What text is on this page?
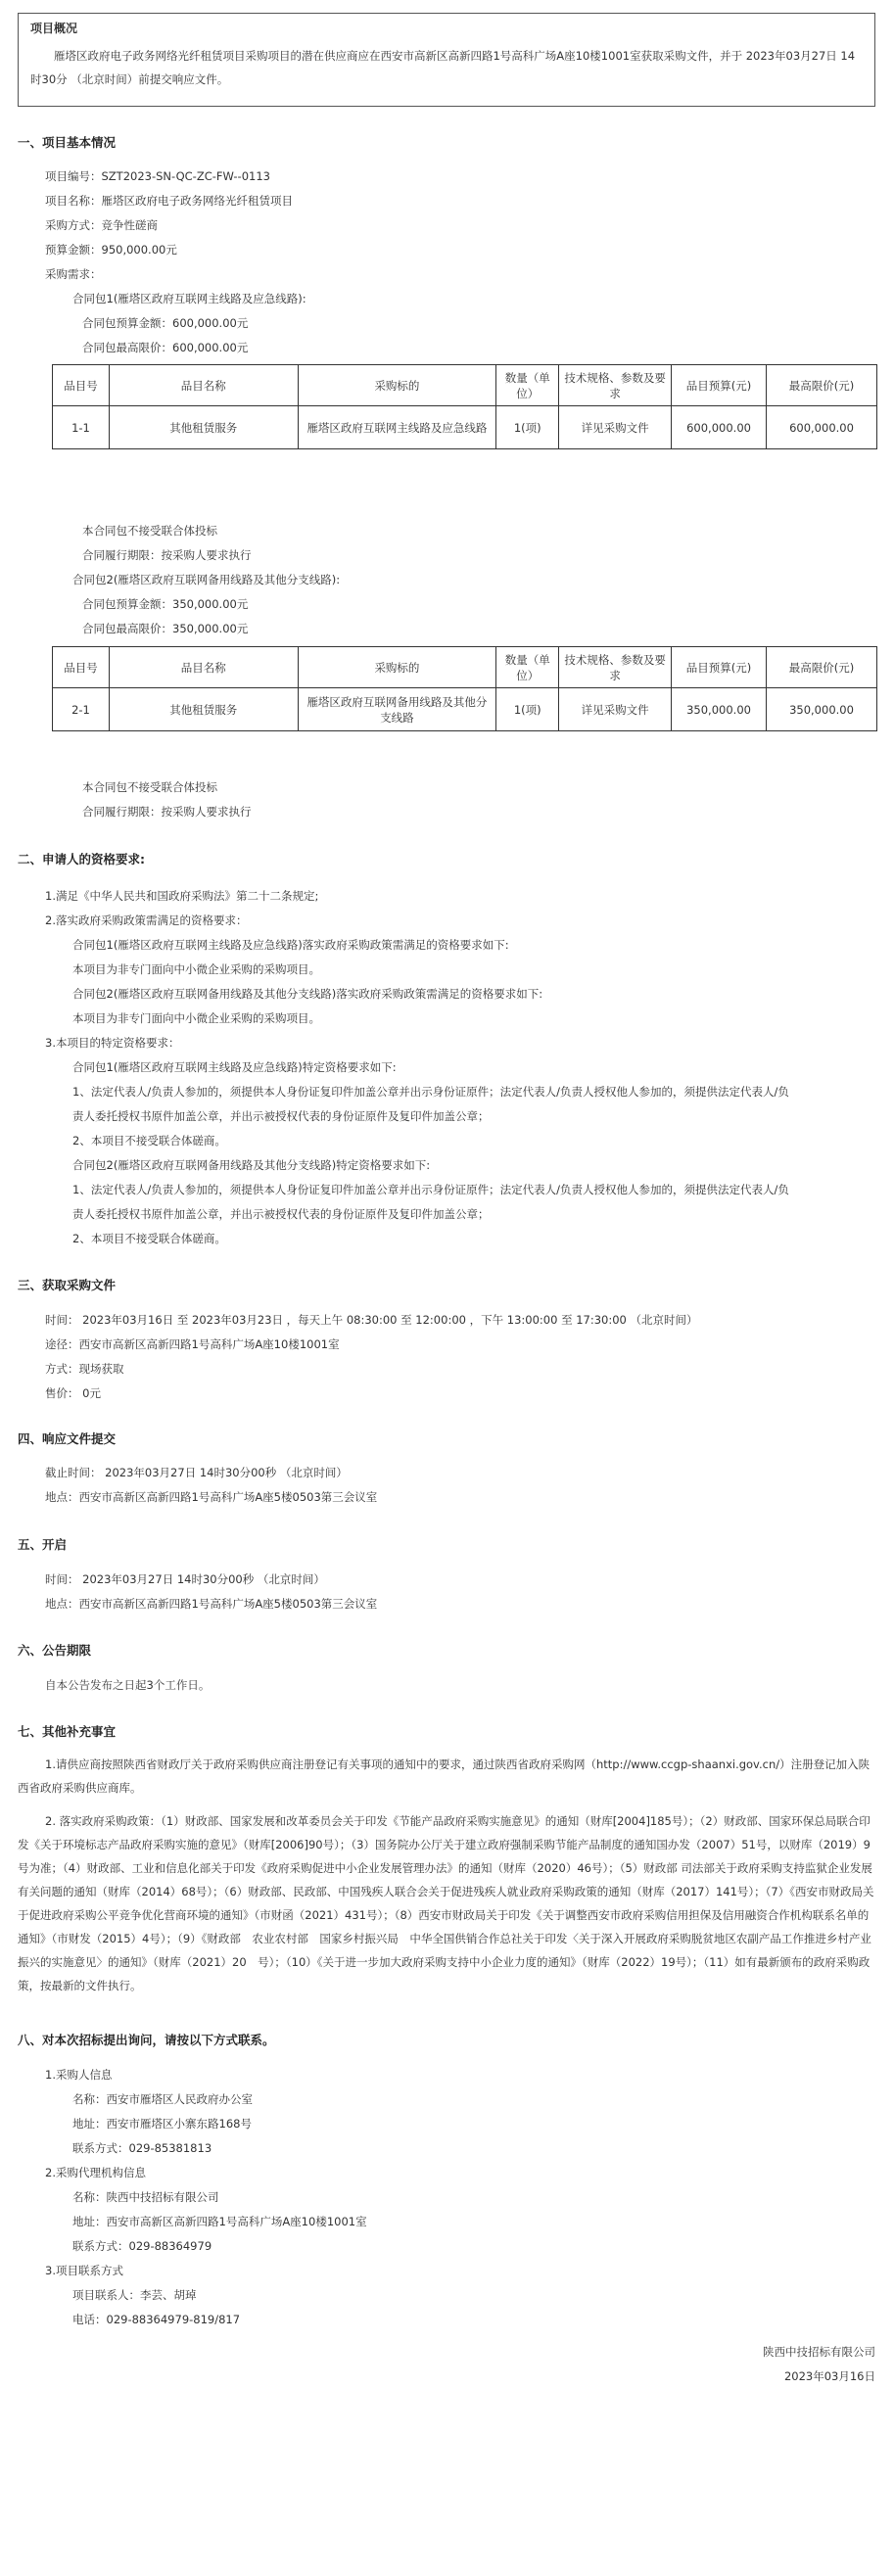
项目概况
雁塔区政府电子政务网络光纤租赁项目采购项目的潜在供应商应在西安市高新区高新四路1号高科广场A座10楼1001室获取采购文件，并于 2023年03月27日 14时30分 （北京时间）前提交响应文件。
一、项目基本情况
项目编号：SZT2023-SN-QC-ZC-FW--0113
项目名称：雁塔区政府电子政务网络光纤租赁项目
采购方式：竞争性磋商
预算金额：950,000.00元
采购需求：
合同包1(雁塔区政府互联网主线路及应急线路):
合同包预算金额：600,000.00元
合同包最高限价：600,000.00元
品目号	品目名称	采购标的	数量（单位）	技术规格、参数及要求	品目预算(元)	最高限价(元)
1-1	其他租赁服务	雁塔区政府互联网主线路及应急线路	1(项)	详见采购文件	600,000.00	600,000.00
本合同包不接受联合体投标
合同履行期限：按采购人要求执行
合同包2(雁塔区政府互联网备用线路及其他分支线路):
合同包预算金额：350,000.00元
合同包最高限价：350,000.00元
品目号	品目名称	采购标的	数量（单位）	技术规格、参数及要求	品目预算(元)	最高限价(元)
2-1	其他租赁服务	雁塔区政府互联网备用线路及其他分支线路	1(项)	详见采购文件	350,000.00	350,000.00
本合同包不接受联合体投标
合同履行期限：按采购人要求执行
二、申请人的资格要求:
1.满足《中华人民共和国政府采购法》第二十二条规定;
2.落实政府采购政策需满足的资格要求：
合同包1(雁塔区政府互联网主线路及应急线路)落实政府采购政策需满足的资格要求如下:
本项目为非专门面向中小微企业采购的采购项目。
合同包2(雁塔区政府互联网备用线路及其他分支线路)落实政府采购政策需满足的资格要求如下:
本项目为非专门面向中小微企业采购的采购项目。
3.本项目的特定资格要求：
合同包1(雁塔区政府互联网主线路及应急线路)特定资格要求如下:
1、法定代表人/负责人参加的，须提供本人身份证复印件加盖公章并出示身份证原件；法定代表人/负责人授权他人参加的，须提供法定代表人/负
责人委托授权书原件加盖公章，并出示被授权代表的身份证原件及复印件加盖公章；
2、本项目不接受联合体磋商。
合同包2(雁塔区政府互联网备用线路及其他分支线路)特定资格要求如下:
1、法定代表人/负责人参加的，须提供本人身份证复印件加盖公章并出示身份证原件；法定代表人/负责人授权他人参加的，须提供法定代表人/负
责人委托授权书原件加盖公章，并出示被授权代表的身份证原件及复印件加盖公章；
2、本项目不接受联合体磋商。
三、获取采购文件
时间： 2023年03月16日 至 2023年03月23日 ，每天上午 08:30:00 至 12:00:00 ，下午 13:00:00 至 17:30:00 （北京时间）
途径：西安市高新区高新四路1号高科广场A座10楼1001室
方式：现场获取
售价： 0元
四、响应文件提交
截止时间： 2023年03月27日 14时30分00秒 （北京时间）
地点：西安市高新区高新四路1号高科广场A座5楼0503第三会议室
五、开启
时间： 2023年03月27日 14时30分00秒 （北京时间）
地点：西安市高新区高新四路1号高科广场A座5楼0503第三会议室
六、公告期限
自本公告发布之日起3个工作日。
七、其他补充事宜
1.请供应商按照陕西省财政厅关于政府采购供应商注册登记有关事项的通知中的要求，通过陕西省政府采购网（http://www.ccgp-shaanxi.gov.cn/）注册登记加入陕西省政府采购供应商库。
2. 落实政府采购政策：（1）财政部、国家发展和改革委员会关于印发《节能产品政府采购实施意见》的通知（财库[2004]185号）；（2）财政部、国家环保总局联合印发《关于环境标志产品政府采购实施的意见》（财库[2006]90号）；（3）国务院办公厅关于建立政府强制采购节能产品制度的通知国办发（2007）51号，以财库（2019）9号为准；（4）财政部、工业和信息化部关于印发《政府采购促进中小企业发展管理办法》的通知（财库（2020）46号）；（5）财政部 司法部关于政府采购支持监狱企业发展有关问题的通知（财库（2014）68号）；（6）财政部、民政部、中国残疾人联合会关于促进残疾人就业政府采购政策的通知（财库（2017）141号）；（7）《西安市财政局关于促进政府采购公平竞争优化营商环境的通知》（市财函（2021）431号）；（8）西安市财政局关于印发《关于调整西安市政府采购信用担保及信用融资合作机构联系名单的通知》（市财发（2015）4号）；（9）《财政部　农业农村部　国家乡村振兴局　中华全国供销合作总社关于印发〈关于深入开展政府采购脱贫地区农副产品工作推进乡村产业振兴的实施意见〉的通知》（财库（2021）20　号）；（10）《关于进一步加大政府采购支持中小企业力度的通知》（财库（2022）19号）；（11）如有最新颁布的政府采购政策，按最新的文件执行。
八、对本次招标提出询问，请按以下方式联系。
1.采购人信息
名称：西安市雁塔区人民政府办公室
地址：西安市雁塔区小寨东路168号
联系方式：029-85381813
2.采购代理机构信息
名称：陕西中技招标有限公司
地址：西安市高新区高新四路1号高科广场A座10楼1001室
联系方式：029-88364979
3.项目联系方式
项目联系人：李芸、胡琸
电话：029-88364979-819/817
陕西中技招标有限公司
2023年03月16日
